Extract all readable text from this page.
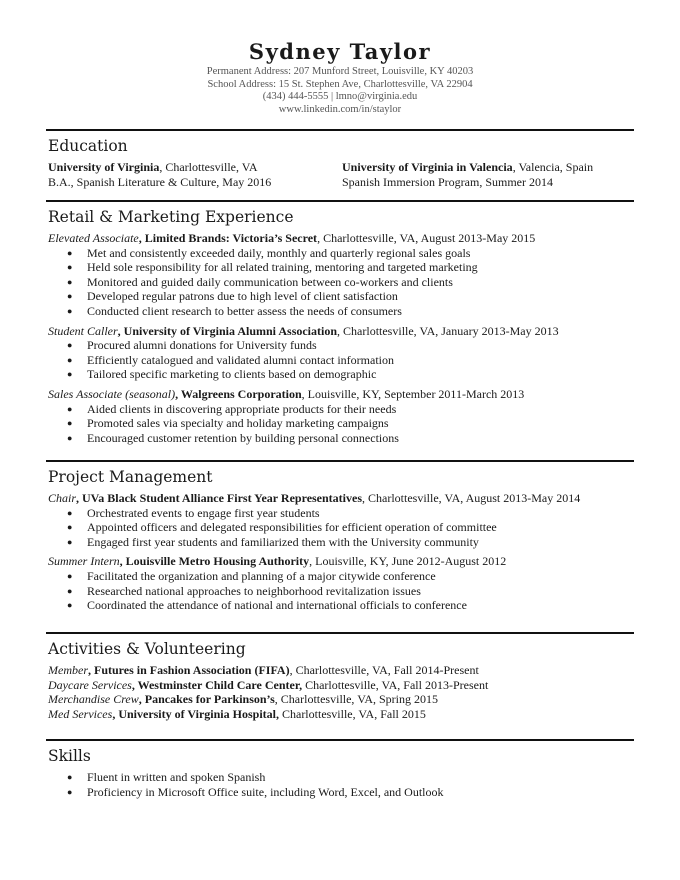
Sydney Taylor
Permanent Address: 207 Munford Street, Louisville, KY 40203
School Address: 15 St. Stephen Ave, Charlottesville, VA 22904
(434) 444-5555 | lmno@virginia.edu
www.linkedin.com/in/staylor
Education
University of Virginia, Charlottesville, VA
B.A., Spanish Literature & Culture, May 2016
University of Virginia in Valencia, Valencia, Spain
Spanish Immersion Program, Summer 2014
Retail & Marketing Experience
Elevated Associate, Limited Brands: Victoria’s Secret, Charlottesville, VA, August 2013-May 2015
● Met and consistently exceeded daily, monthly and quarterly regional sales goals
● Held sole responsibility for all related training, mentoring and targeted marketing
● Monitored and guided daily communication between co-workers and clients
● Developed regular patrons due to high level of client satisfaction
● Conducted client research to better assess the needs of consumers
Student Caller, University of Virginia Alumni Association, Charlottesville, VA, January 2013-May 2013
● Procured alumni donations for University funds
● Efficiently catalogued and validated alumni contact information
● Tailored specific marketing to clients based on demographic
Sales Associate (seasonal), Walgreens Corporation, Louisville, KY, September 2011-March 2013
● Aided clients in discovering appropriate products for their needs
● Promoted sales via specialty and holiday marketing campaigns
● Encouraged customer retention by building personal connections
Project Management
Chair, UVa Black Student Alliance First Year Representatives, Charlottesville, VA, August 2013-May 2014
● Orchestrated events to engage first year students
● Appointed officers and delegated responsibilities for efficient operation of committee
● Engaged first year students and familiarized them with the University community
Summer Intern, Louisville Metro Housing Authority, Louisville, KY, June 2012-August 2012
● Facilitated the organization and planning of a major citywide conference
● Researched national approaches to neighborhood revitalization issues
● Coordinated the attendance of national and international officials to conference
Activities & Volunteering
Member, Futures in Fashion Association (FIFA), Charlottesville, VA, Fall 2014-Present
Daycare Services, Westminster Child Care Center, Charlottesville, VA, Fall 2013-Present
Merchandise Crew, Pancakes for Parkinson’s, Charlottesville, VA, Spring 2015
Med Services, University of Virginia Hospital, Charlottesville, VA, Fall 2015
Skills
● Fluent in written and spoken Spanish
● Proficiency in Microsoft Office suite, including Word, Excel, and Outlook
